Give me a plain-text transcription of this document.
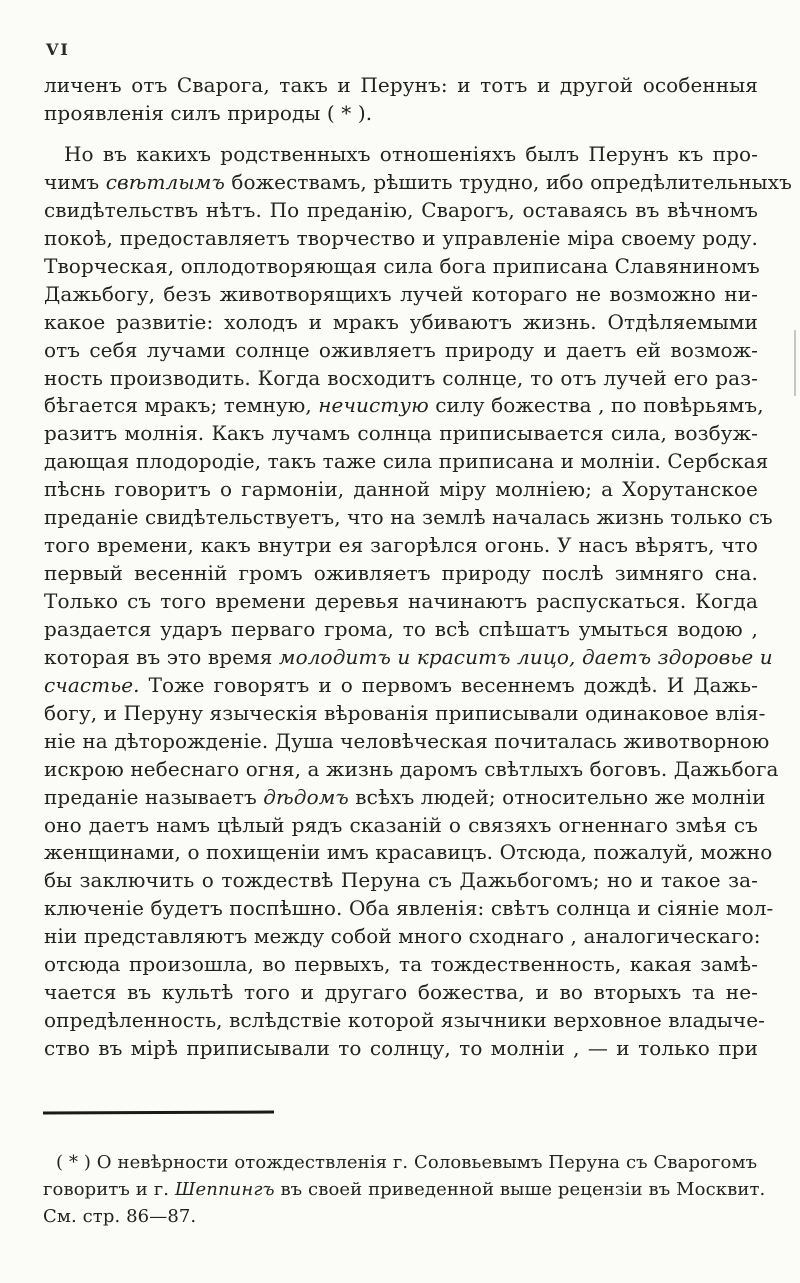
VI
личенъ отъ Сварога, такъ и Перунъ: и тотъ и другой особенныя
проявленія силъ природы ( * ).
Но въ какихъ родственныхъ отношеніяхъ былъ Перунъ къ про-
чимъ свѣтлымъ божествамъ, рѣшить трудно, ибо опредѣлительныхъ
свидѣтельствъ нѣтъ. По преданію, Сварогъ, оставаясь въ вѣчномъ
покоѣ, предоставляетъ творчество и управленіе міра своему роду.
Творческая, оплодотворяющая сила бога приписана Славяниномъ
Дажьбогу, безъ животворящихъ лучей котораго не возможно ни-
какое развитіе: холодъ и мракъ убиваютъ жизнь. Отдѣляемыми
отъ себя лучами солнце оживляетъ природу и даетъ ей возмож-
ность производить. Когда восходитъ солнце, то отъ лучей его раз-
бѣгается мракъ; темную, нечистую силу божества , по повѣрьямъ,
разитъ молнія. Какъ лучамъ солнца приписывается сила, возбуж-
дающая плодородіе, такъ таже сила приписана и молніи. Сербская
пѣснь говоритъ о гармоніи, данной міру молніею; а Хорутанское
преданіе свидѣтельствуетъ, что на землѣ началась жизнь только съ
того времени, какъ внутри ея загорѣлся огонь. У насъ вѣрятъ, что
первый весенній громъ оживляетъ природу послѣ зимняго сна.
Только съ того времени деревья начинаютъ распускаться. Когда
раздается ударъ перваго грома, то всѣ спѣшатъ умыться водою ,
которая въ это время молодитъ и краситъ лицо, даетъ здоровье и
счастье. Тоже говорятъ и о первомъ весеннемъ дождѣ. И Дажь-
богу, и Перуну языческія вѣрованія приписывали одинаковое влія-
ніе на дѣторожденіе. Душа человѣческая почиталась животворною
искрою небеснаго огня, а жизнь даромъ свѣтлыхъ боговъ. Дажьбога
преданіе называетъ дѣдомъ всѣхъ людей; относительно же молніи
оно даетъ намъ цѣлый рядъ сказаній о связяхъ огненнаго змѣя съ
женщинами, о похищеніи имъ красавицъ. Отсюда, пожалуй, можно
бы заключить о тождествѣ Перуна съ Дажьбогомъ; но и такое за-
ключеніе будетъ поспѣшно. Оба явленія: свѣтъ солнца и сіяніе мол-
ніи представляютъ между собой много сходнаго , аналогическаго:
отсюда произошла, во первыхъ, та тождественность, какая замѣ-
чается въ культѣ того и другаго божества, и во вторыхъ та не-
опредѣленность, вслѣдствіе которой язычники верховное владыче-
ство въ мірѣ приписывали то солнцу, то молніи , — и только при
( * ) О невѣрности отождествленія г. Соловьевымъ Перуна съ Сварогомъ
говоритъ и г. Шеппингъ въ своей приведенной выше рецензіи въ Москвит.
См. стр. 86—87.
